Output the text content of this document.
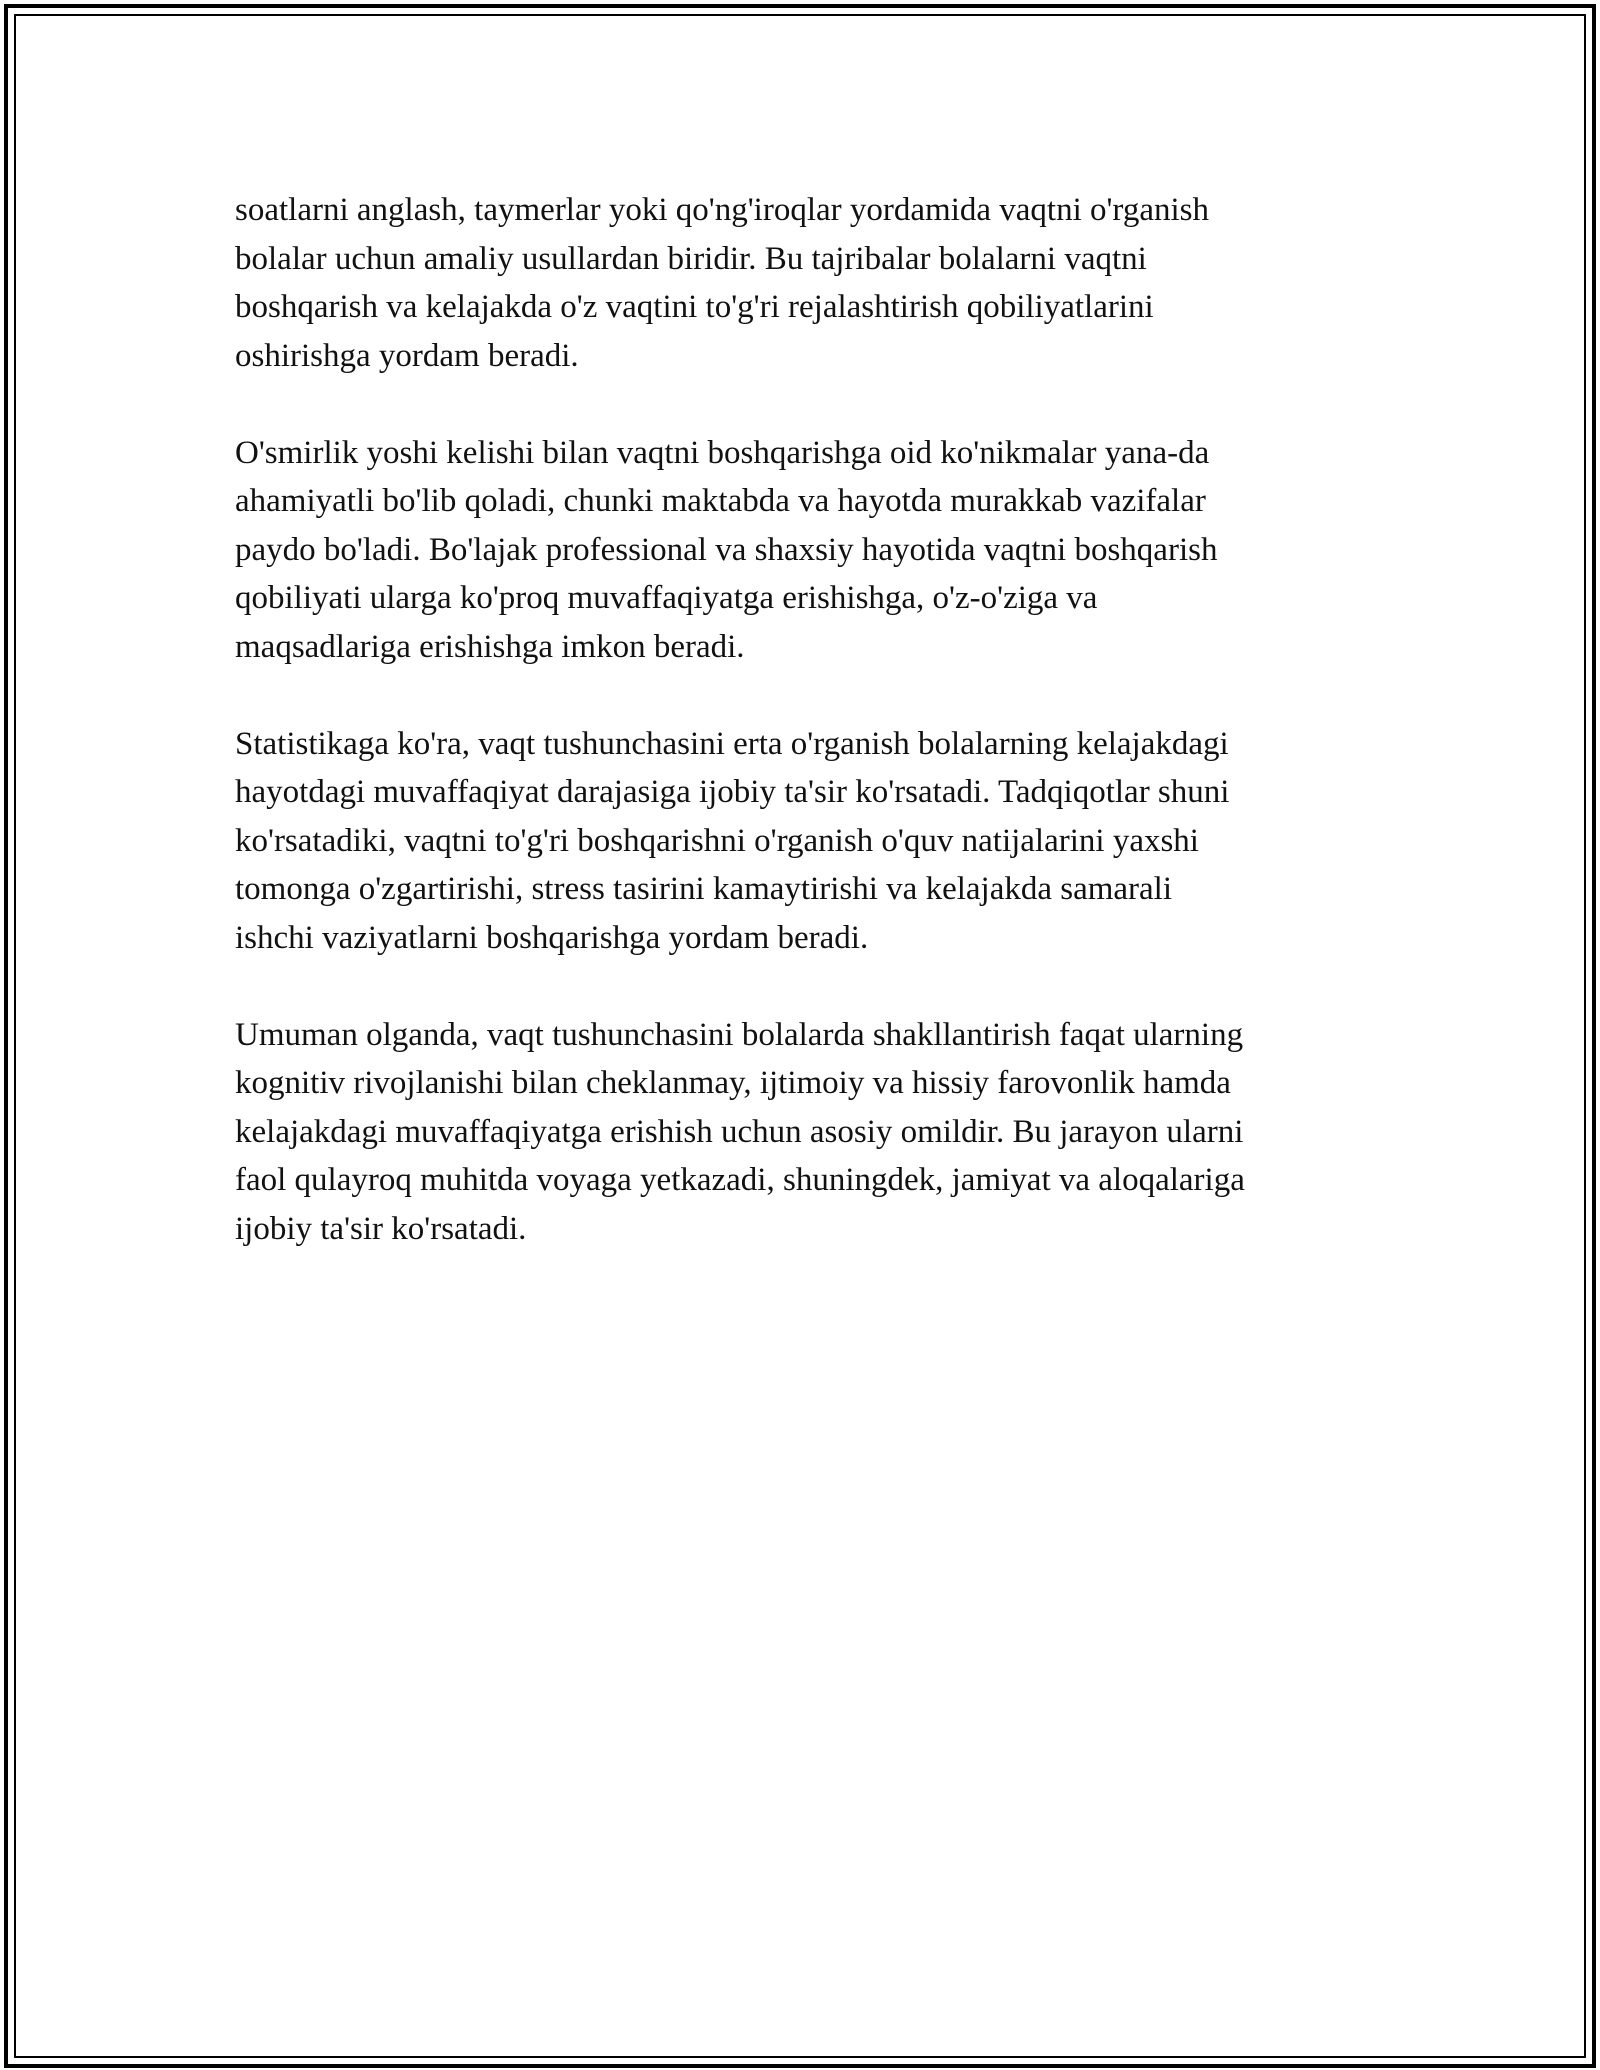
soatlarni anglash, taymerlar yoki qo'ng'iroqlar yordamida vaqtni o'rganish
bolalar uchun amaliy usullardan biridir. Bu tajribalar bolalarni vaqtni
boshqarish va kelajakda o'z vaqtini to'g'ri rejalashtirish qobiliyatlarini
oshirishga yordam beradi.

O'smirlik yoshi kelishi bilan vaqtni boshqarishga oid ko'nikmalar yana-da
ahamiyatli bo'lib qoladi, chunki maktabda va hayotda murakkab vazifalar
paydo bo'ladi. Bo'lajak professional va shaxsiy hayotida vaqtni boshqarish
qobiliyati ularga ko'proq muvaffaqiyatga erishishga, o'z-o'ziga va
maqsadlariga erishishga imkon beradi.

Statistikaga ko'ra, vaqt tushunchasini erta o'rganish bolalarning kelajakdagi
hayotdagi muvaffaqiyat darajasiga ijobiy ta'sir ko'rsatadi. Tadqiqotlar shuni
ko'rsatadiki, vaqtni to'g'ri boshqarishni o'rganish o'quv natijalarini yaxshi
tomonga o'zgartirishi, stress tasirini kamaytirishi va kelajakda samarali
ishchi vaziyatlarni boshqarishga yordam beradi.

Umuman olganda, vaqt tushunchasini bolalarda shakllantirish faqat ularning
kognitiv rivojlanishi bilan cheklanmay, ijtimoiy va hissiy farovonlik hamda
kelajakdagi muvaffaqiyatga erishish uchun asosiy omildir. Bu jarayon ularni
faol qulayroq muhitda voyaga yetkazadi, shuningdek, jamiyat va aloqalariga
ijobiy ta'sir ko'rsatadi.
